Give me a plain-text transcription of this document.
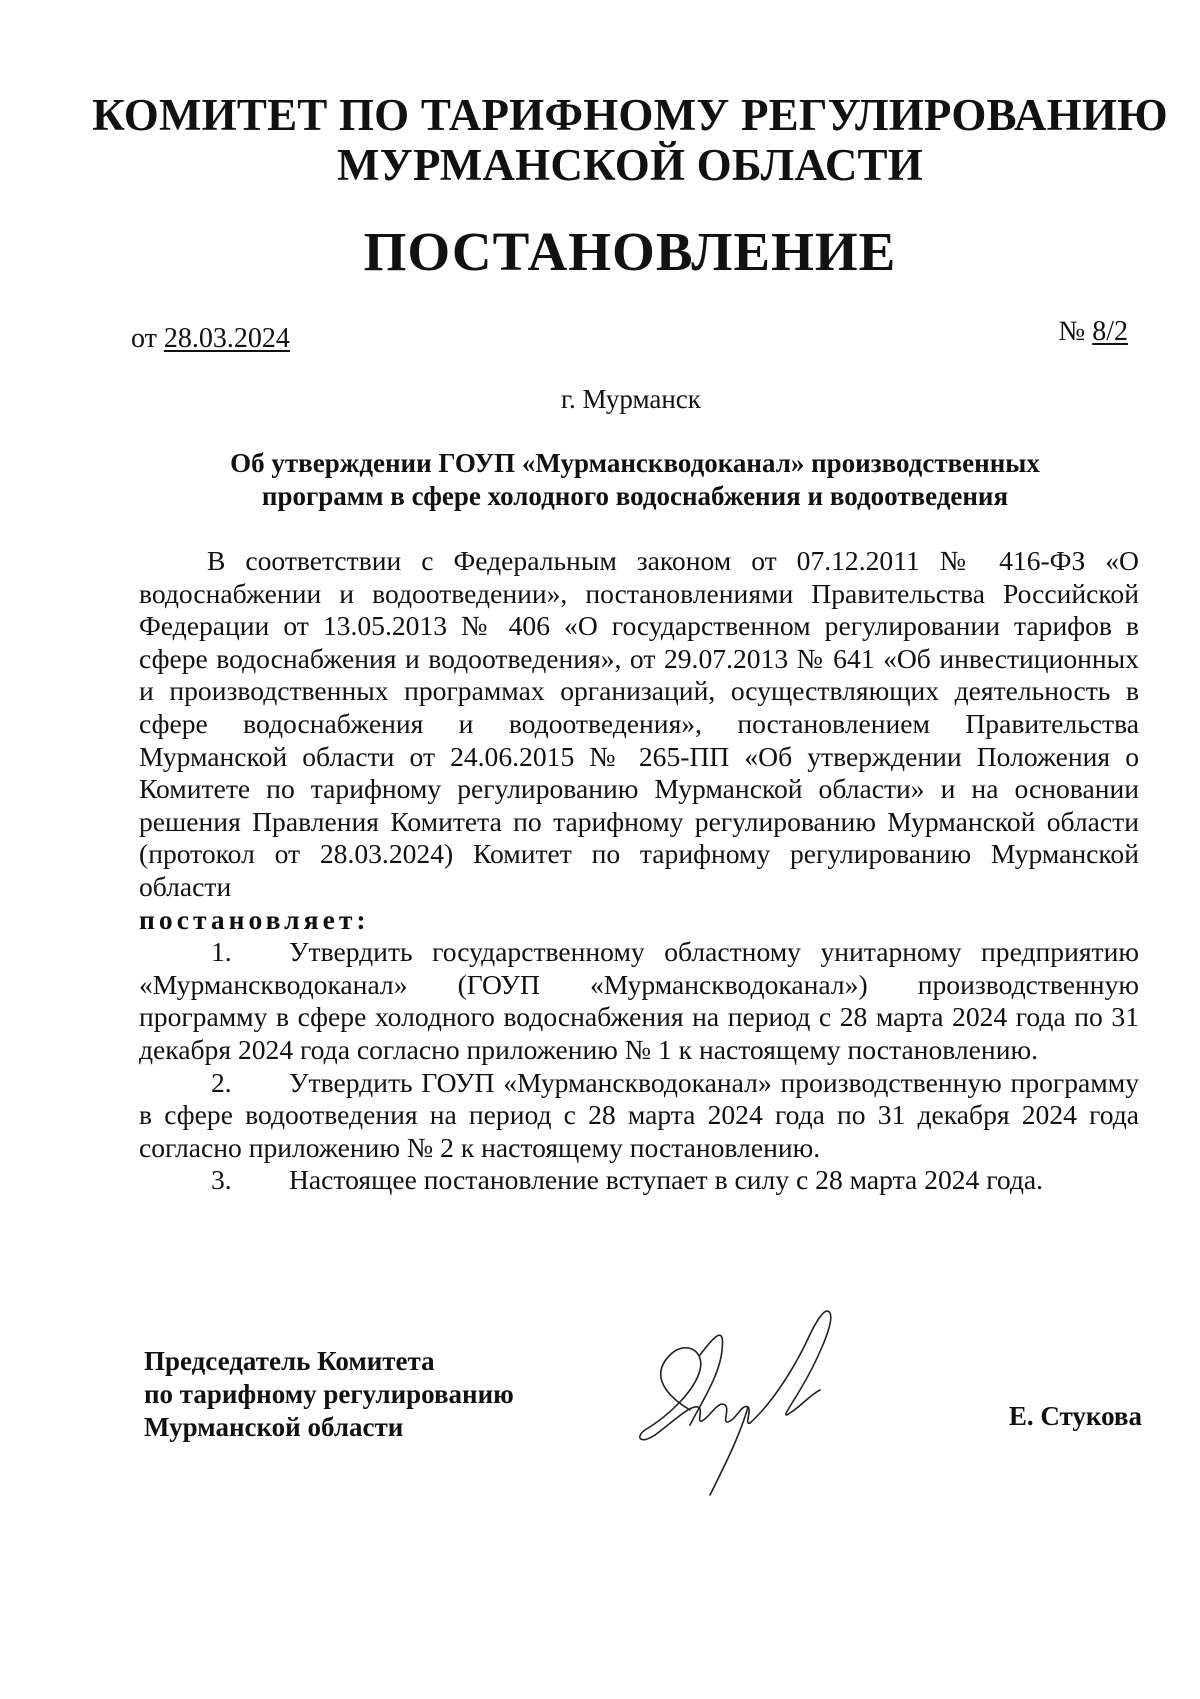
КОМИТЕТ ПО ТАРИФНОМУ РЕГУЛИРОВАНИЮ
МУРМАНСКОЙ ОБЛАСТИ
ПОСТАНОВЛЕНИЕ
от 28.03.2024	№ 8/2
г. Мурманск
Об утверждении ГОУП «Мурманскводоканал» производственных
программ в сфере холодного водоснабжения и водоотведения

В соответствии с Федеральным законом от 07.12.2011 № 416-ФЗ «О водоснабжении и водоотведении», постановлениями Правительства Российской Федерации от 13.05.2013 № 406 «О государственном регулировании тарифов в сфере водоснабжения и водоотведения», от 29.07.2013 № 641 «Об инвестиционных и производственных программах организаций, осуществляющих деятельность в сфере водоснабжения и водоотведения», постановлением Правительства Мурманской области от 24.06.2015 № 265-ПП «Об утверждении Положения о Комитете по тарифному регулированию Мурманской области» и на основании решения Правления Комитета по тарифному регулированию Мурманской области (протокол от 28.03.2024) Комитет по тарифному регулированию Мурманской области

постановляет:

1. Утвердить государственному областному унитарному предприятию «Мурманскводоканал» (ГОУП «Мурманскводоканал») производственную программу в сфере холодного водоснабжения на период с 28 марта 2024 года по 31 декабря 2024 года согласно приложению № 1 к настоящему постановлению.

2. Утвердить ГОУП «Мурманскводоканал» производственную программу в сфере водоотведения на период с 28 марта 2024 года по 31 декабря 2024 года согласно приложению № 2 к настоящему постановлению.

3. Настоящее постановление вступает в силу с 28 марта 2024 года.

Председатель Комитета
по тарифному регулированию
Мурманской области	Е. Стукова
